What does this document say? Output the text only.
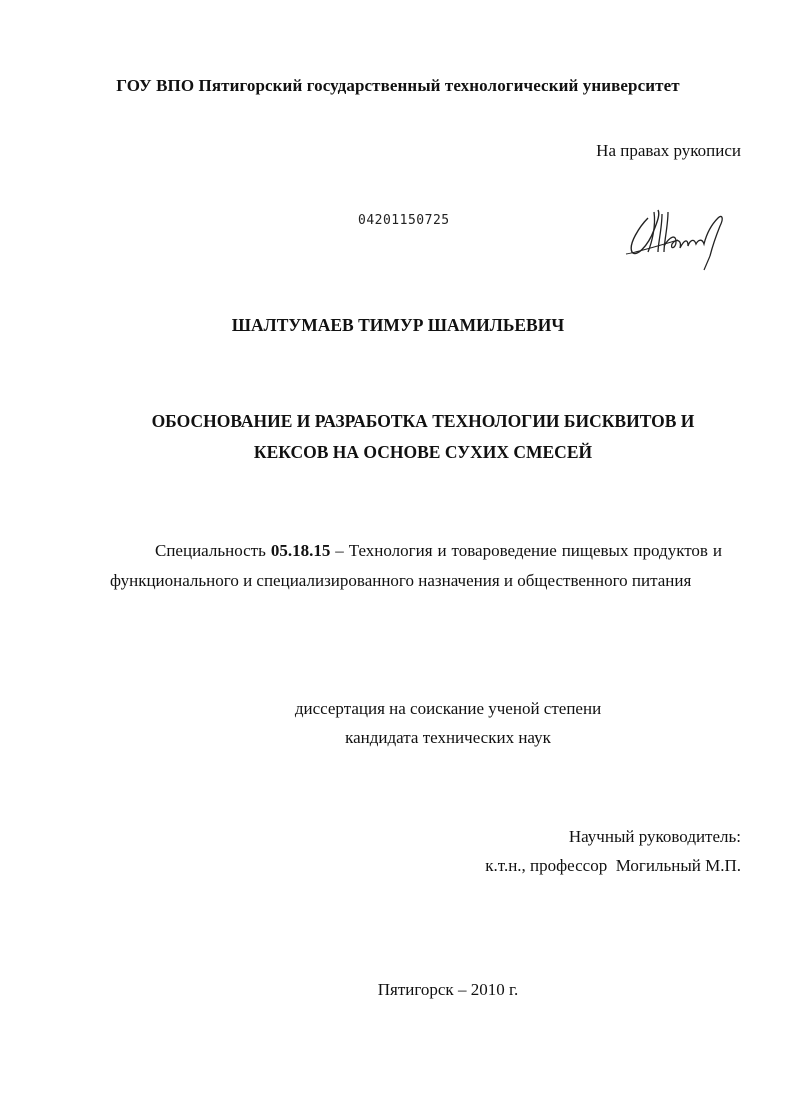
ГОУ ВПО Пятигорский государственный технологический университет
На правах рукописи
04201150725
ШАЛТУМАЕВ ТИМУР ШАМИЛЬЕВИЧ
ОБОСНОВАНИЕ И РАЗРАБОТКА ТЕХНОЛОГИИ БИСКВИТОВ И
КЕКСОВ НА ОСНОВЕ СУХИХ СМЕСЕЙ
Специальность 05.18.15 – Технология и товароведение пищевых продуктов и функционального и специализированного назначения и общественного питания
диссертация на соискание ученой степени
кандидата технических наук
Научный руководитель:
к.т.н., профессор  Могильный М.П.
Пятигорск – 2010 г.
